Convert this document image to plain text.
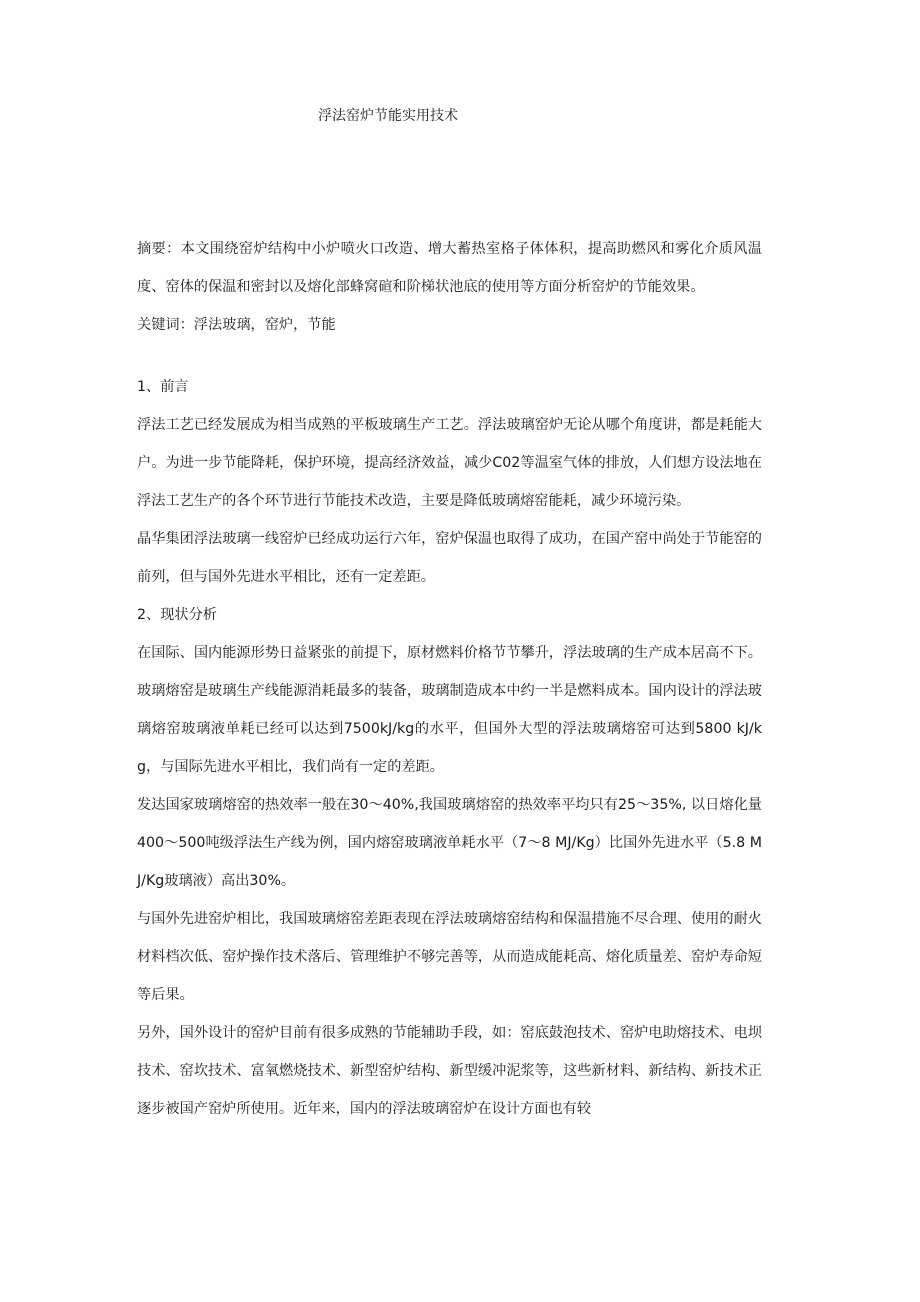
浮法窑炉节能实用技术

摘要：本文围绕窑炉结构中小炉喷火口改造、增大蓄热室格子体体积，提高助燃风和雾化介质风温度、窑体的保温和密封以及熔化部蜂窝碹和阶梯状池底的使用等方面分析窑炉的节能效果。

关键词：浮法玻璃，窑炉，节能

1、前言

浮法工艺已经发展成为相当成熟的平板玻璃生产工艺。浮法玻璃窑炉无论从哪个角度讲，都是耗能大户。为进一步节能降耗，保护环境，提高经济效益，减少C02等温室气体的排放，人们想方设法地在浮法工艺生产的各个环节进行节能技术改造，主要是降低玻璃熔窑能耗，减少环境污染。

晶华集团浮法玻璃一线窑炉已经成功运行六年，窑炉保温也取得了成功，在国产窑中尚处于节能窑的前列，但与国外先进水平相比，还有一定差距。

2、现状分析

在国际、国内能源形势日益紧张的前提下，原材燃料价格节节攀升，浮法玻璃的生产成本居高不下。玻璃熔窑是玻璃生产线能源消耗最多的装备，玻璃制造成本中约一半是燃料成本。国内设计的浮法玻璃熔窑玻璃液单耗已经可以达到7500kJ/kg的水平，但国外大型的浮法玻璃熔窑可达到5800 kJ/kg，与国际先进水平相比，我们尚有一定的差距。

发达国家玻璃熔窑的热效率一般在30〜40%,我国玻璃熔窑的热效率平均只有25〜35%, 以日熔化量400〜500吨级浮法生产线为例，国内熔窑玻璃液单耗水平（7〜8 MJ/Kg）比国外先进水平（5.8 MJ/Kg玻璃液）高出30%。

与国外先进窑炉相比，我国玻璃熔窑差距表现在浮法玻璃熔窑结构和保温措施不尽合理、使用的耐火材料档次低、窑炉操作技术落后、管理维护不够完善等，从而造成能耗高、熔化质量差、窑炉寿命短等后果。

另外，国外设计的窑炉目前有很多成熟的节能辅助手段，如：窑底鼓泡技术、窑炉电助熔技术、电坝技术、窑坎技术、富氧燃烧技术、新型窑炉结构、新型缓冲泥浆等，这些新材料、新结构、新技术正逐步被国产窑炉所使用。近年来，国内的浮法玻璃窑炉在设计方面也有较
